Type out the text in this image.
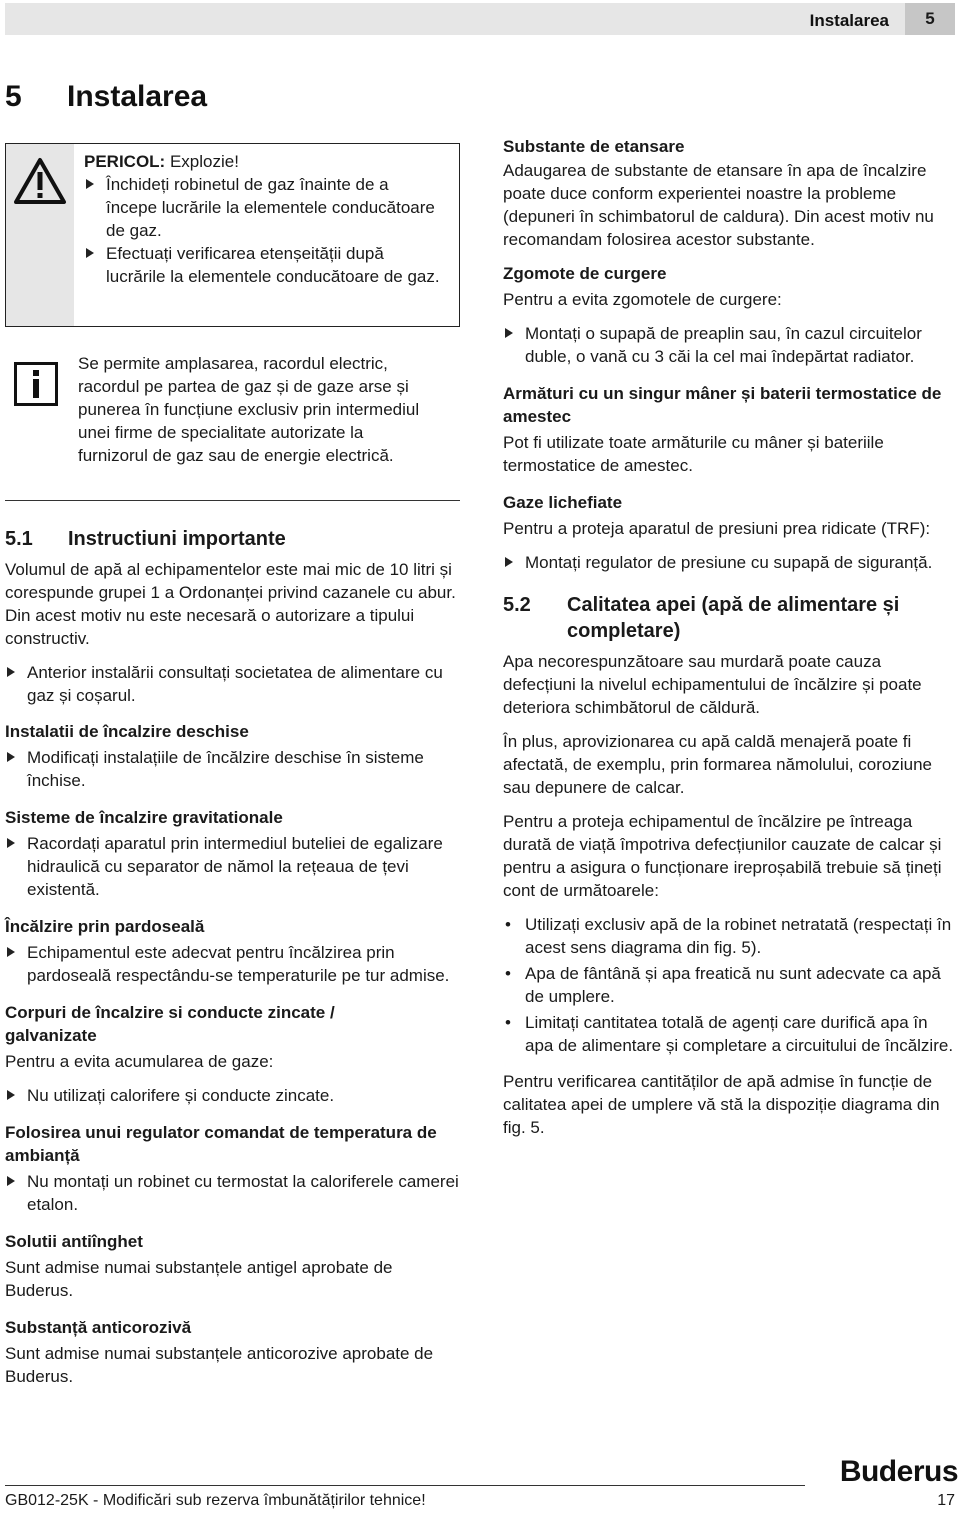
Instalarea	5
5 Instalarea

PERICOL: Explozie!

Închideți robinetul de gaz înainte de a începe lucrările la elementele conducătoare de gaz.

Efectuați verificarea etenșeității după lucrările la elementele conducătoare de gaz.

Se permite amplasarea, racordul electric, racordul pe partea de gaz și de gaze arse și punerea în funcțiune exclusiv prin intermediul unei firme de specialitate autorizate la furnizorul de gaz sau de energie electrică.

5.1 Instructiuni importante

Volumul de apă al echipamentelor este mai mic de 10 litri și corespunde grupei 1 a Ordonanței privind cazanele cu abur. Din acest motiv nu este necesară o autorizare a tipului constructiv.

Anterior instalării consultați societatea de alimentare cu gaz și coșarul.

Instalatii de încalzire deschise

Modificați instalațiile de încălzire deschise în sisteme închise.

Sisteme de încalzire gravitationale

Racordați aparatul prin intermediul buteliei de egalizare hidraulică cu separator de nămol la rețeaua de țevi existentă.

Încălzire prin pardoseală

Echipamentul este adecvat pentru încălzirea prin pardoseală respectându-se temperaturile pe tur admise.

Corpuri de încalzire si conducte zincate / galvanizate

Pentru a evita acumularea de gaze:

Nu utilizați calorifere și conducte zincate.

Folosirea unui regulator comandat de temperatura de ambianță

Nu montați un robinet cu termostat la caloriferele camerei etalon.

Solutii antiînghet

Sunt admise numai substanțele antigel aprobate de Buderus.

Substanță anticorozivă

Sunt admise numai substanțele anticorozive aprobate de Buderus.

Substante de etansare

Adaugarea de substante de etansare în apa de încalzire poate duce conform experientei noastre la probleme (depuneri în schimbatorul de caldura). Din acest motiv nu recomandam folosirea acestor substante.

Zgomote de curgere

Pentru a evita zgomotele de curgere:

Montați o supapă de preaplin sau, în cazul circuitelor duble, o vană cu 3 căi la cel mai îndepărtat radiator.

Armături cu un singur mâner și baterii termostatice de amestec

Pot fi utilizate toate armăturile cu mâner și bateriile termostatice de amestec.

Gaze lichefiate

Pentru a proteja aparatul de presiuni prea ridicate (TRF):

Montați regulator de presiune cu supapă de siguranță.

5.2 Calitatea apei (apă de alimentare și completare)

Apa necorespunzătoare sau murdară poate cauza defecțiuni la nivelul echipamentului de încălzire și poate deteriora schimbătorul de căldură.

În plus, aprovizionarea cu apă caldă menajeră poate fi afectată, de exemplu, prin formarea nămolului, coroziune sau depunere de calcar.

Pentru a proteja echipamentul de încălzire pe întreaga durată de viață împotriva defecțiunilor cauzate de calcar și pentru a asigura o funcționare ireproșabilă trebuie să țineți cont de următoarele:

• Utilizați exclusiv apă de la robinet netratată (respectați în acest sens diagrama din fig. 5).
• Apa de fântână și apa freatică nu sunt adecvate ca apă de umplere.
• Limitați cantitatea totală de agenți care durifică apa în apa de alimentare și completare a circuitului de încălzire.

Pentru verificarea cantităților de apă admise în funcție de calitatea apei de umplere vă stă la dispoziție diagrama din fig. 5.

Buderus
GB012-25K - Modificări sub rezerva îmbunătățirilor tehnice!	17
